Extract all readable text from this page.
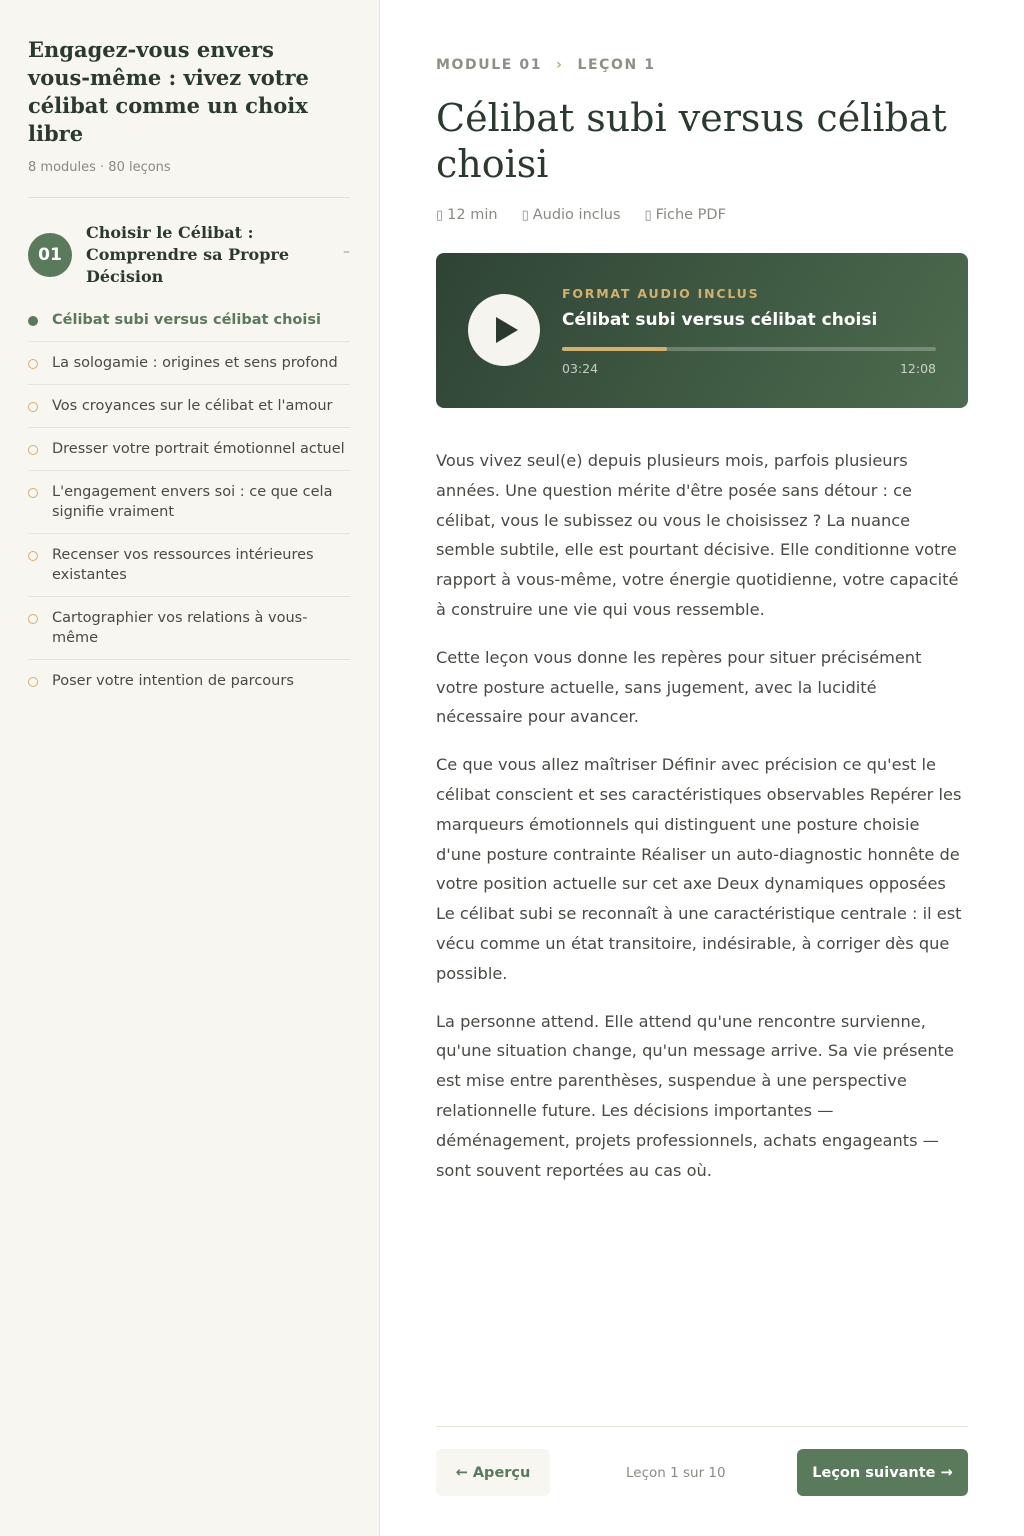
Engagez-vous envers vous-même : vivez votre célibat comme un choix libre
8 modules · 80 leçons
01
Choisir le Célibat : Comprendre sa Propre Décision
–
Célibat subi versus célibat choisi
La sologamie : origines et sens profond
Vos croyances sur le célibat et l'amour
Dresser votre portrait émotionnel actuel
L'engagement envers soi : ce que cela signifie vraiment
Recenser vos ressources intérieures existantes
Cartographier vos relations à vous-même
Poser votre intention de parcours
MODULE 01 › LEÇON 1
Célibat subi versus célibat choisi
▯ 12 min ▯ Audio inclus ▯ Fiche PDF
FORMAT AUDIO INCLUS
Célibat subi versus célibat choisi
03:24	12:08

Vous vivez seul(e) depuis plusieurs mois, parfois plusieurs années. Une question mérite d'être posée sans détour : ce célibat, vous le subissez ou vous le choisissez ? La nuance semble subtile, elle est pourtant décisive. Elle conditionne votre rapport à vous-même, votre énergie quotidienne, votre capacité à construire une vie qui vous ressemble.

Cette leçon vous donne les repères pour situer précisément votre posture actuelle, sans jugement, avec la lucidité nécessaire pour avancer.

Ce que vous allez maîtriser Définir avec précision ce qu'est le célibat conscient et ses caractéristiques observables Repérer les marqueurs émotionnels qui distinguent une posture choisie d'une posture contrainte Réaliser un auto-diagnostic honnête de votre position actuelle sur cet axe Deux dynamiques opposées Le célibat subi se reconnaît à une caractéristique centrale : il est vécu comme un état transitoire, indésirable, à corriger dès que possible.

La personne attend. Elle attend qu'une rencontre survienne, qu'une situation change, qu'un message arrive. Sa vie présente est mise entre parenthèses, suspendue à une perspective relationnelle future. Les décisions importantes — déménagement, projets professionnels, achats engageants — sont souvent reportées au cas où.

← Aperçu	Leçon 1 sur 10	Leçon suivante →
